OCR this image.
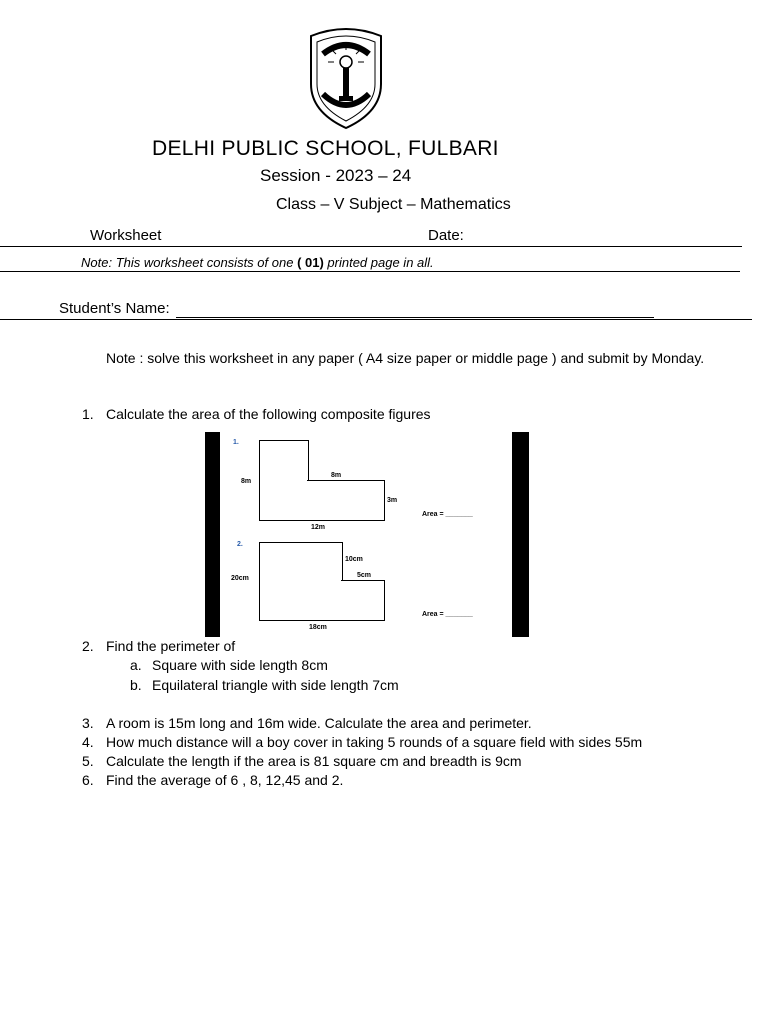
DELHI PUBLIC SCHOOL, FULBARI
Session - 2023 – 24
Class – V Subject – Mathematics
Worksheet	Date:
Note: This worksheet consists of one ( 01) printed page in all.
Student’s Name:
Note : solve this worksheet in any paper ( A4 size paper or middle page ) and submit by Monday.
1. Calculate the area of the following composite figures
1.
8m
8m
3m
12m
Area = _______
2.
20cm
10cm
5cm
18cm
Area = _______
2. Find the perimeter of
a. Square with side length 8cm
b. Equilateral triangle with side length 7cm
3. A room is 15m long and 16m wide. Calculate the area and perimeter.
4. How much distance will a boy cover in taking 5 rounds of a square field with sides 55m
5. Calculate the length if the area is 81 square cm and breadth is 9cm
6. Find the average of 6 , 8, 12,45 and 2.
